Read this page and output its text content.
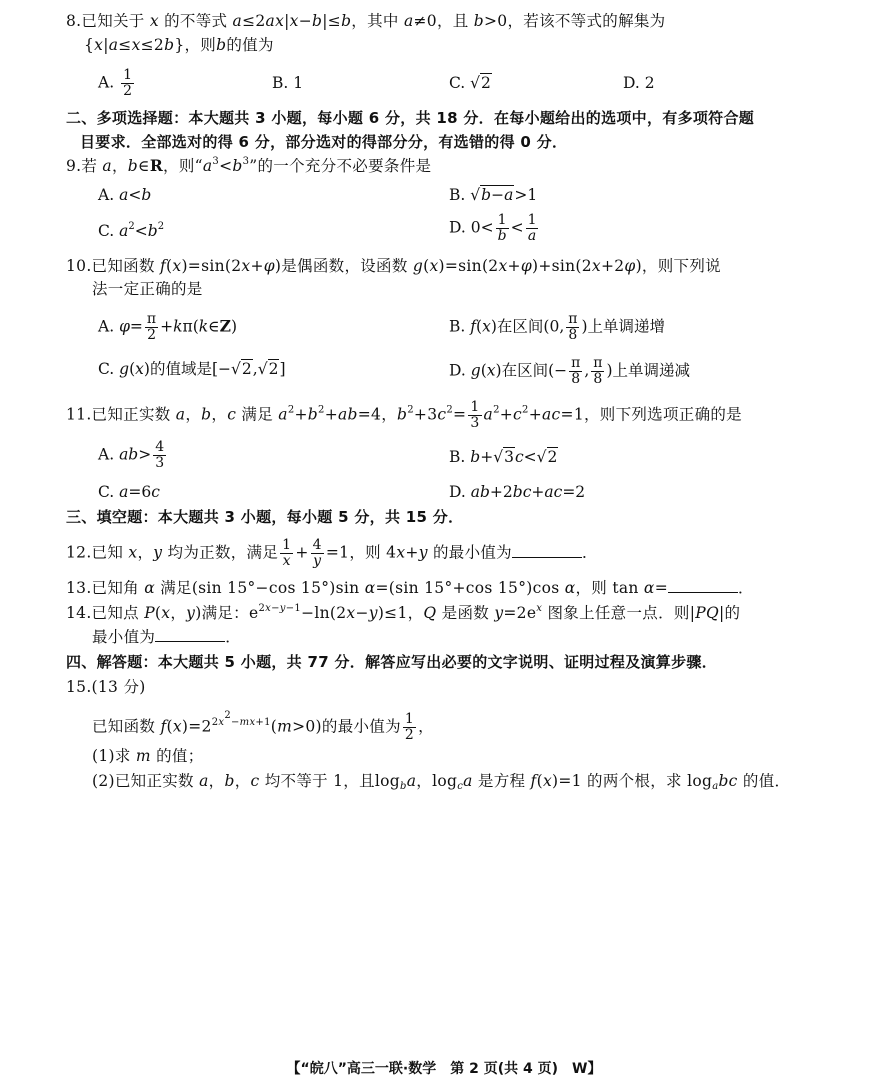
8.已知关于 x 的不等式 a≤2ax|x−b|≤b，其中 a≠0，且 b>0，若该不等式的解集为
{x|a≤x≤2b}，则b的值为
A. $\frac{1}{2}$	B. 1	C. √2	D. 2
二、多项选择题：本大题共 3 小题，每小题 6 分，共 18 分．在每小题给出的选项中，有多项符合题
目要求．全部选对的得 6 分，部分选对的得部分分，有选错的得 0 分．
9.若 a，b∈R，则“$a^3<b^3$”的一个充分不必要条件是
A. a<b	B. √b−a>1
C. $a^2<b^2$	D. $0< \frac{1}{b} < \frac{1}{a}$
10.已知函数 f(x)=sin(2x+φ)是偶函数，设函数 g(x)=sin(2x+φ)+sin(2x+2φ)，则下列说
法一定正确的是
A. $\varphi= \frac{\pi}{2}$ +kπ(k∈Z)	B. f(x)在区间(0, $\frac{\pi}{8}$ )上单调递增
C. g(x)的值域是[−√2,√2]	D. g(x)在区间(− $\frac{\pi}{8}$ , $\frac{\pi}{8}$ )上单调递减
11.已知正实数 a，b，c 满足 $a^2+b^2+ab=4$，$b^2+3c^2= \frac{1}{3} a^2+c^2+ac=1$，则下列选项正确的是
A. $ab> \frac{4}{3}$	B. b+√3c<√2
C. a=6c	D. ab+2bc+ac=2
三、填空题：本大题共 3 小题，每小题 5 分，共 15 分．
12.已知 x，y 均为正数，满足 $\frac{1}{x} + \frac{4}{y} =1$，则 4x+y 的最小值为	．
13.已知角 α 满足(sin 15°−cos 15°)sin α=(sin 15°+cos 15°)cos α，则 tan α=	．
14.已知点 P(x，y)满足：$e^{2x-y-1}-\ln(2x-y)\le 1$，Q 是函数 $y=2e^x$ 图象上任意一点．则|PQ|的
最小值为	．
四、解答题：本大题共 5 小题，共 77 分．解答应写出必要的文字说明、证明过程及演算步骤．
15.(13 分)
已知函数 $f(x)=2^{2x^2-mx+1}(m>0)$的最小值为 $\frac{1}{2}$ ，
(1)求 m 的值；
(2)已知正实数 a，b，c 均不等于 1，且$\log_ba$，$\log_ca$ 是方程 f(x)=1 的两个根，求 $\log_abc$ 的值．
【“皖八”高三一联·数学　第 2 页(共 4 页)　W】
